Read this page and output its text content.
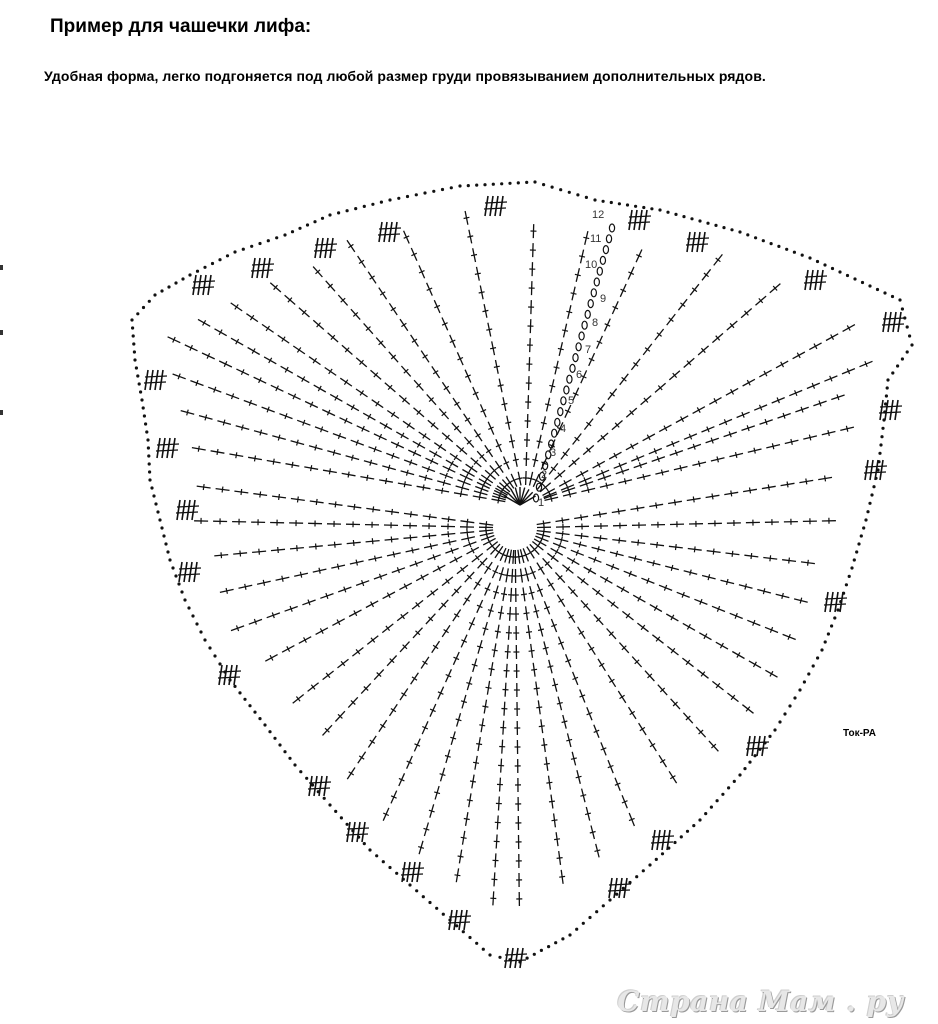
Пример для чашечки лифа:
Удобная форма, легко подгоняется под любой размер груди провязыванием дополнительных рядов.
1
2
3
4
5
6
7
8
9
10
11
12
Ток-РА
Страна Мам . ру
